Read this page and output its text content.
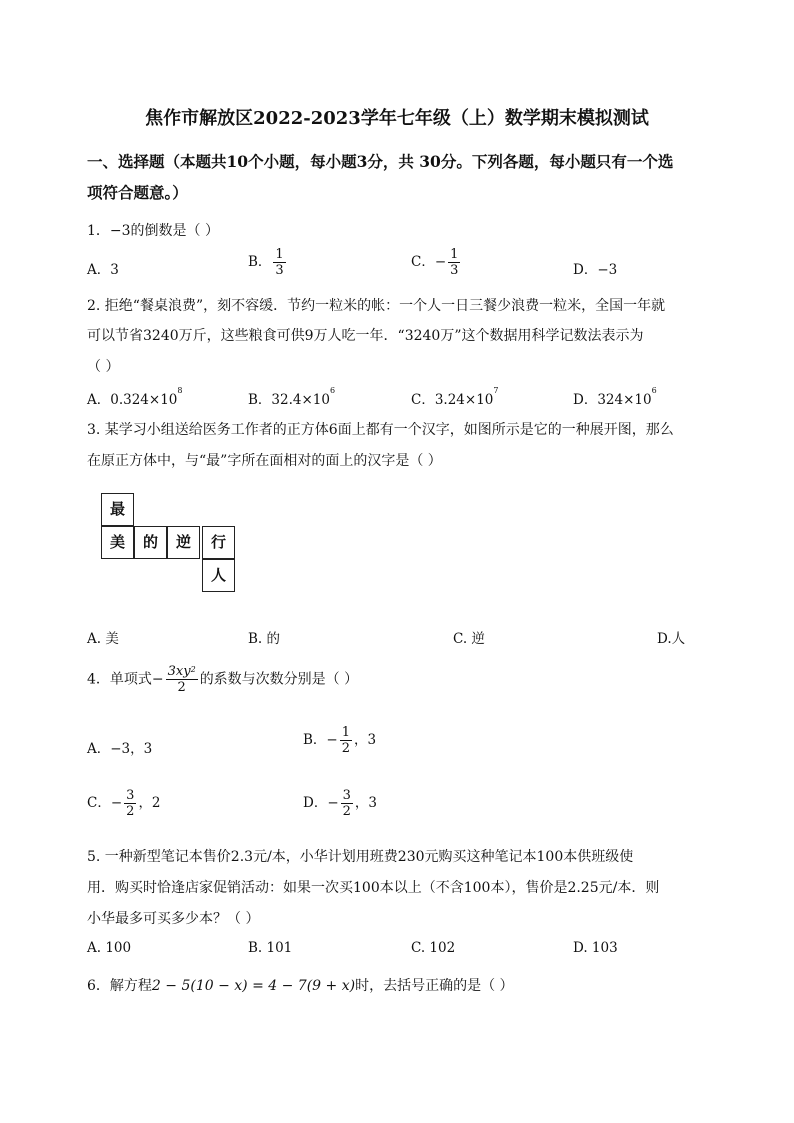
焦作市解放区2022-2023学年七年级（上）数学期末模拟测试
一、选择题（本题共10个小题，每小题3分，共 30分。下列各题，每小题只有一个选
项符合题意。）
1．−3的倒数是（ ）
A．3	B． $\frac{1}{3}$	C．− $\frac{1}{3}$	D．−3
2. 拒绝“餐桌浪费”，刻不容缓．节约一粒米的帐：一个人一日三餐少浪费一粒米，全国一年就
可以节省3240万斤，这些粮食可供9万人吃一年．“3240万”这个数据用科学记数法表示为
（ ）
A．$0.324\times 10^8$
B．$32.4\times 10^6$
C．$3.24\times 10^7$
D．$324\times 10^6$
3. 某学习小组送给医务工作者的正方体6面上都有一个汉字，如图所示是它的一种展开图，那么
在原正方体中，与“最”字所在面相对的面上的汉字是（ ）
最
美	的	逆	行
人
A. 美	B. 的	C. 逆	D.人
4．单项式− $\frac{3xy^2}{2}$ 的系数与次数分别是（ ）
A．−3，3
B．− $\frac{1}{2}$ ，3
C．− $\frac{3}{2}$ ，2	D．− $\frac{3}{2}$ ，3
5. 一种新型笔记本售价2.3元/本，小华计划用班费230元购买这种笔记本100本供班级使
用．购买时恰逢店家促销活动：如果一次买100本以上（不含100本），售价是2.25元/本．则
小华最多可买多少本？（ ）
A. 100	B. 101	C. 102	D. 103
6．解方程2 − 5(10 − x) = 4 − 7(9 + x)时，去括号正确的是（ ）
